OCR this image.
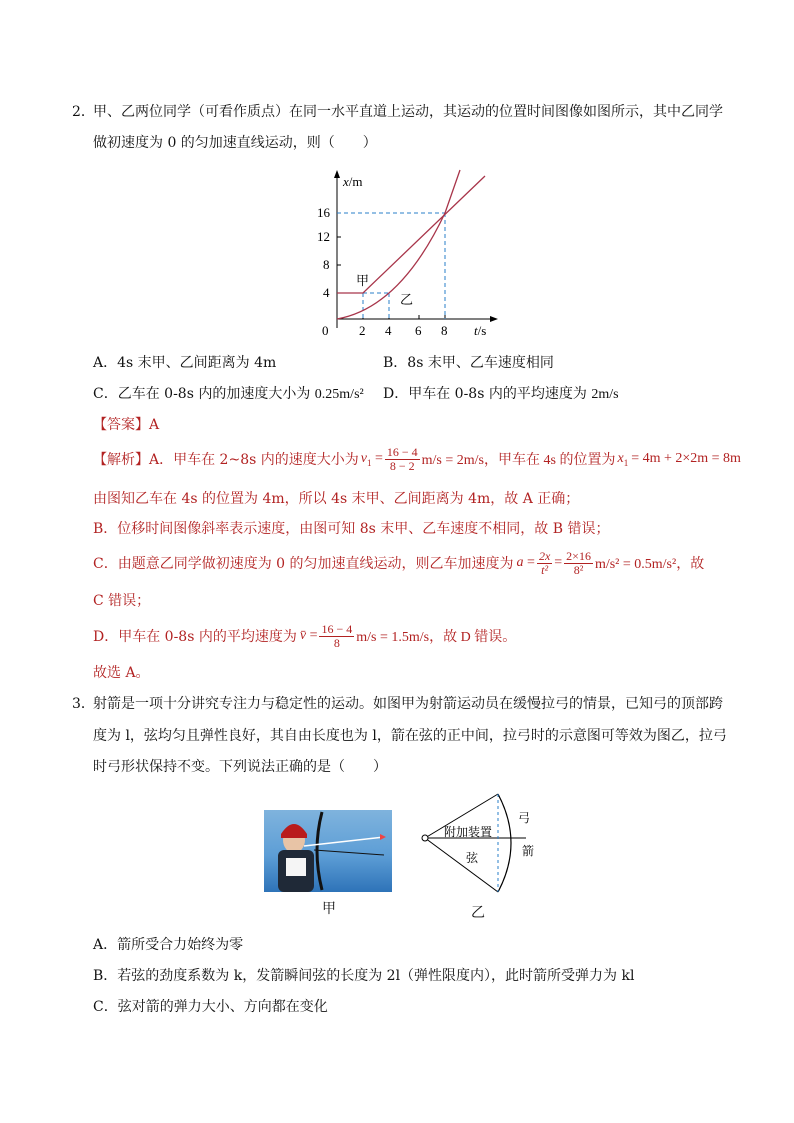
2．
甲、乙两位同学（可看作质点）在同一水平直道上运动，其运动的位置时间图像如图所示，其中乙同学
做初速度为 0 的匀加速直线运动，则（　　）
x/m
t/s
0
4
8
12
16
2 4 6 8
甲
乙
A．4s 末甲、乙间距离为 4m	B．8s 末甲、乙车速度相同
C．乙车在 0-8s 内的加速度大小为 0.25m/s² D．甲车在 0-8s 内的平均速度为 2m/s
【答案】A
【解析】 A．甲车在 2~8s 内的速度大小为 $v_1 = \frac{16 - 4}{8 - 2} m/s = 2m/s$，甲车在 4s 的位置为 $x_1 = 4m + 2\times 2m = 8m$
由图知乙车在 4s 的位置为 4m，所以 4s 末甲、乙间距离为 4m，故 A 正确；
B．位移时间图像斜率表示速度，由图可知 8s 末甲、乙车速度不相同，故 B 错误；
C．由题意乙同学做初速度为 0 的匀加速直线运动，则乙车加速度为 $a = \frac{2x}{\text{t²}} = \frac{2\times 16}{\text{8²}} m/s^2 = 0.5m/s^2$，故
C 错误；
D．甲车在 0-8s 内的平均速度为 v̄ = $\frac{16 - 4}{8} m/s = 1.5m/s$，故 D 错误。
故选 A。
3．
射箭是一项十分讲究专注力与稳定性的运动。如图甲为射箭运动员在缓慢拉弓的情景，已知弓的顶部跨
度为 l，弦均匀且弹性良好，其自由长度也为 l，箭在弦的正中间，拉弓时的示意图可等效为图乙，拉弓
时弓形状保持不变。下列说法正确的是（　　）
甲
附加装置
弓
箭
弦
乙
A．箭所受合力始终为零
B．若弦的劲度系数为 k，发箭瞬间弦的长度为 2l（弹性限度内），此时箭所受弹力为 kl
C．弦对箭的弹力大小、方向都在变化
